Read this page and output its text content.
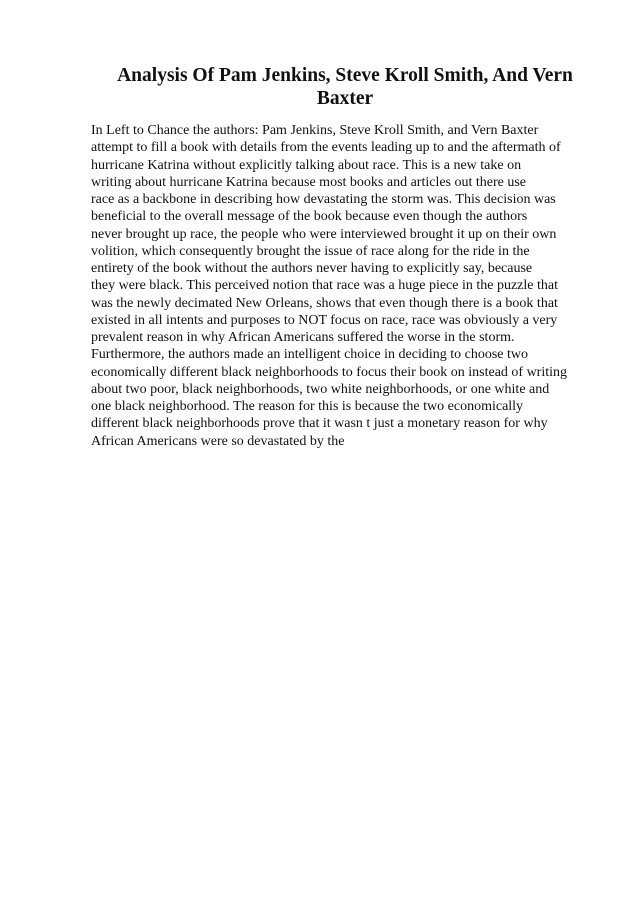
Analysis Of Pam Jenkins, Steve Kroll Smith, And Vern
Baxter
In Left to Chance the authors: Pam Jenkins, Steve Kroll Smith, and Vern Baxter
attempt to fill a book with details from the events leading up to and the aftermath of
hurricane Katrina without explicitly talking about race. This is a new take on
writing about hurricane Katrina because most books and articles out there use
race as a backbone in describing how devastating the storm was. This decision was
beneficial to the overall message of the book because even though the authors
never brought up race, the people who were interviewed brought it up on their own
volition, which consequently brought the issue of race along for the ride in the
entirety of the book without the authors never having to explicitly say, because
they were black. This perceived notion that race was a huge piece in the puzzle that
was the newly decimated New Orleans, shows that even though there is a book that
existed in all intents and purposes to NOT focus on race, race was obviously a very
prevalent reason in why African Americans suffered the worse in the storm.
Furthermore, the authors made an intelligent choice in deciding to choose two
economically different black neighborhoods to focus their book on instead of writing
about two poor, black neighborhoods, two white neighborhoods, or one white and
one black neighborhood. The reason for this is because the two economically
different black neighborhoods prove that it wasn t just a monetary reason for why
African Americans were so devastated by the
